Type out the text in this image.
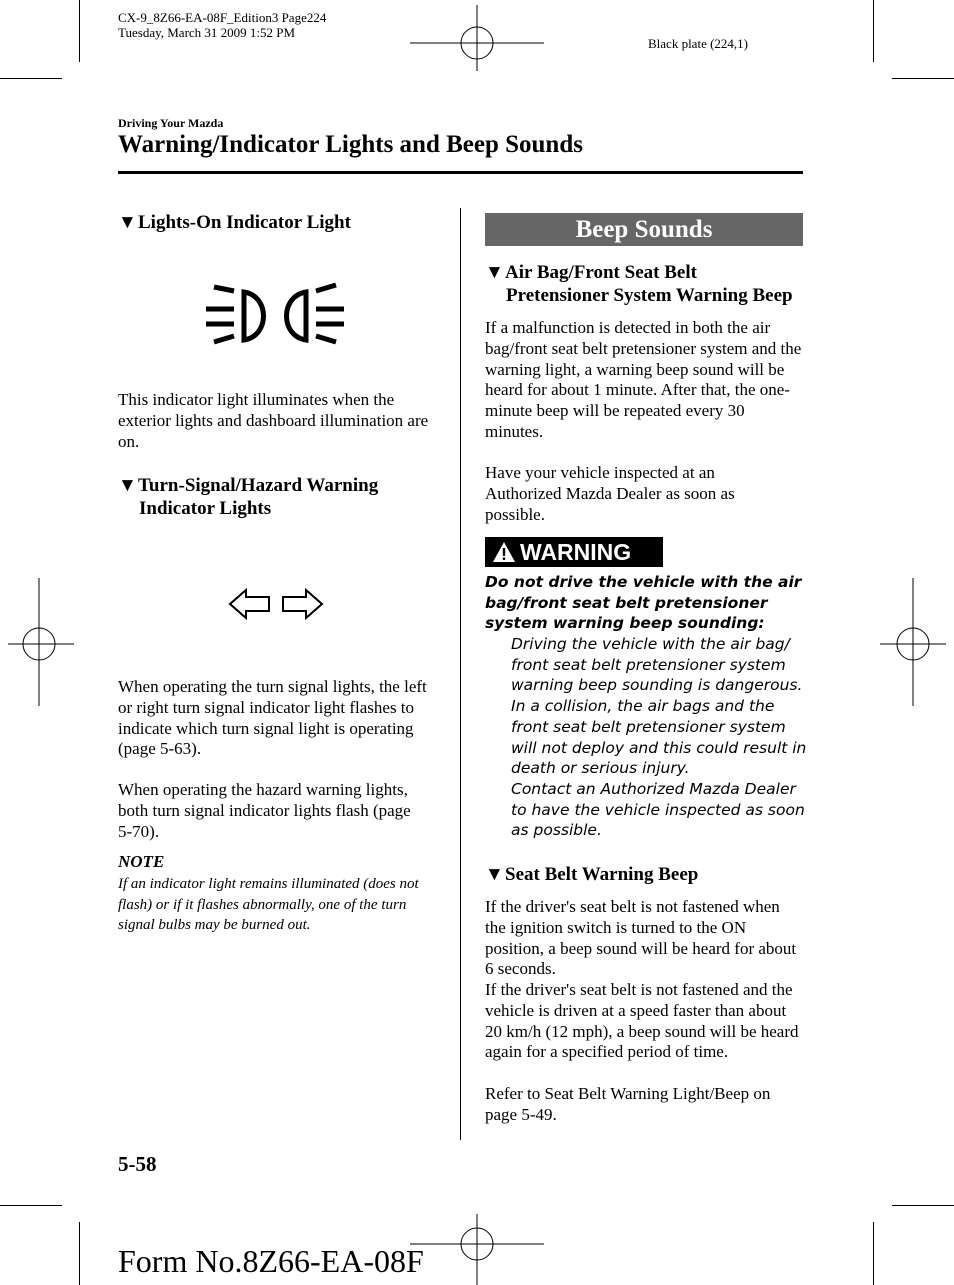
CX-9_8Z66-EA-08F_Edition3 Page224
Tuesday, March 31 2009 1:52 PM
Black plate (224,1)
Driving Your Mazda
Warning/Indicator Lights and Beep Sounds
▼Lights-On Indicator Light
This indicator light illuminates when the exterior lights and dashboard illumination are on.
▼Turn-Signal/Hazard Warning
Indicator Lights
When operating the turn signal lights, the left or right turn signal indicator light flashes to indicate which turn signal light is operating (page 5-63).
When operating the hazard warning lights, both turn signal indicator lights flash (page 5-70).
NOTE
If an indicator light remains illuminated (does not flash) or if it flashes abnormally, one of the turn signal bulbs may be burned out.
Beep Sounds
▼Air Bag/Front Seat Belt
Pretensioner System Warning Beep
If a malfunction is detected in both the air bag/front seat belt pretensioner system and the warning light, a warning beep sound will be heard for about 1 minute. After that, the one-minute beep will be repeated every 30 minutes.
Have your vehicle inspected at an Authorized Mazda Dealer as soon as possible.
WARNING
Do not drive the vehicle with the air bag/front seat belt pretensioner system warning beep sounding:
Driving the vehicle with the air bag/ front seat belt pretensioner system warning beep sounding is dangerous. In a collision, the air bags and the front seat belt pretensioner system will not deploy and this could result in death or serious injury.
Contact an Authorized Mazda Dealer to have the vehicle inspected as soon as possible.
▼Seat Belt Warning Beep
If the driver's seat belt is not fastened when the ignition switch is turned to the ON position, a beep sound will be heard for about 6 seconds.
If the driver's seat belt is not fastened and the vehicle is driven at a speed faster than about 20 km/h (12 mph), a beep sound will be heard again for a specified period of time.
Refer to Seat Belt Warning Light/Beep on page 5-49.
5-58
Form No.8Z66-EA-08F
